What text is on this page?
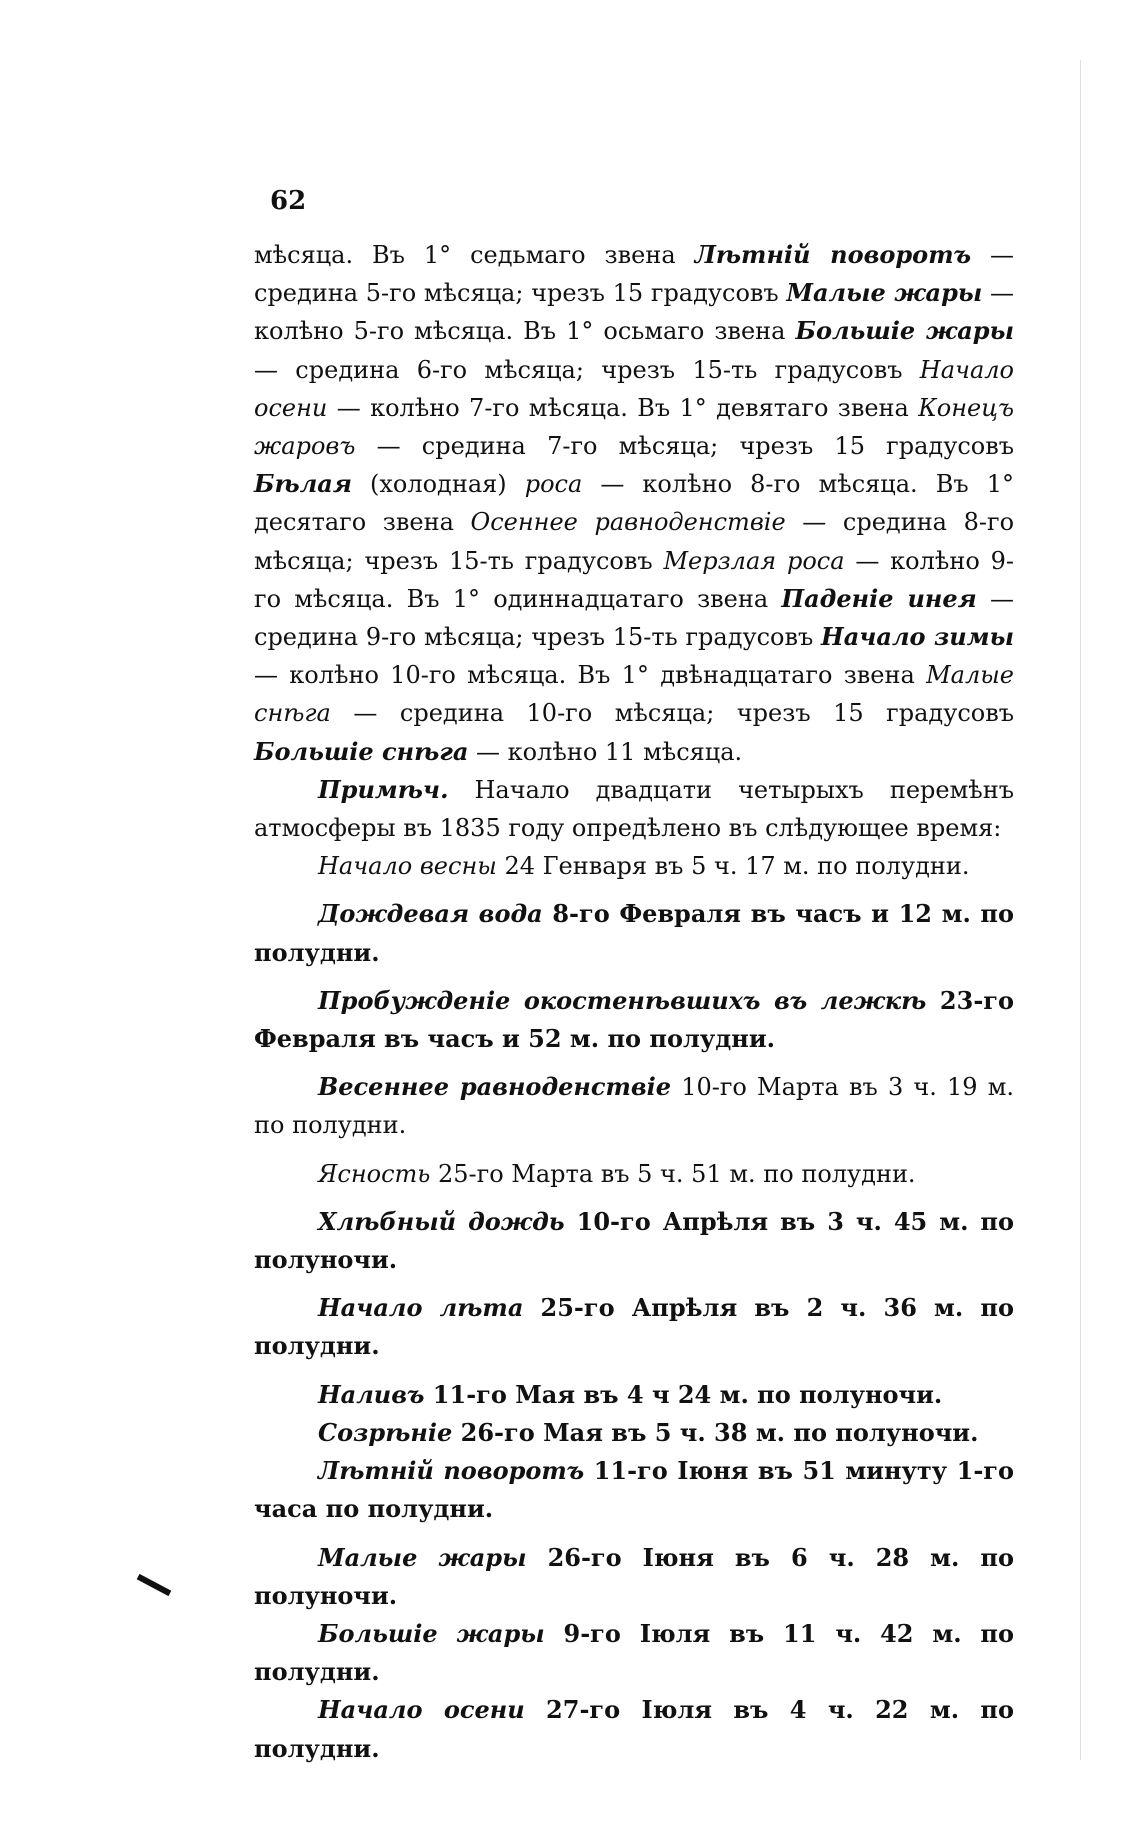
62

мѣсяца. Въ 1° седьмаго звена Лѣтній поворотъ — средина 5-го мѣсяца; чрезъ 15 градусовъ Малые жары — колѣно 5-го мѣсяца. Въ 1° осьмаго звена Большіе жары — средина 6-го мѣсяца; чрезъ 15-ть градусовъ Начало осени — колѣно 7-го мѣсяца. Въ 1° девятаго звена Конецъ жаровъ — средина 7-го мѣсяца; чрезъ 15 градусовъ Бѣлая (холодная) роса — колѣно 8-го мѣсяца. Въ 1° десятаго звена Осеннее равноденствіе — средина 8-го мѣсяца; чрезъ 15-ть градусовъ Мерзлая роса — колѣно 9-го мѣсяца. Въ 1° одиннадцатаго звена Паденіе инея — средина 9-го мѣсяца; чрезъ 15-ть градусовъ Начало зимы — колѣно 10-го мѣсяца. Въ 1° двѣнадцатаго звена Малые снѣга — средина 10-го мѣсяца; чрезъ 15 градусовъ Большіе снѣга — колѣно 11 мѣсяца.

Примѣч. Начало двадцати четырыхъ перемѣнъ атмосферы въ 1835 году опредѣлено въ слѣдующее время:

Начало весны 24 Генваря въ 5 ч. 17 м. по полудни.

Дождевая вода 8-го Февраля въ часъ и 12 м. по полудни.

Пробужденіе окостенѣвшихъ въ лежкѣ 23-го Февраля въ часъ и 52 м. по полудни.

Весеннее равноденствіе 10-го Марта въ 3 ч. 19 м. по полудни.

Ясность 25-го Марта въ 5 ч. 51 м. по полудни.

Хлѣбный дождь 10-го Апрѣля въ 3 ч. 45 м. по полуночи.

Начало лѣта 25-го Апрѣля въ 2 ч. 36 м. по полудни.

Наливъ 11-го Мая въ 4 ч 24 м. по полуночи.

Созрѣніе 26-го Мая въ 5 ч. 38 м. по полуночи.

Лѣтній поворотъ 11-го Іюня въ 51 минуту 1-го часа по полудни.

Малые жары 26-го Іюня въ 6 ч. 28 м. по полуночи.

Большіе жары 9-го Іюля въ 11 ч. 42 м. по полудни.

Начало осени 27-го Іюля въ 4 ч. 22 м. по полудни.
